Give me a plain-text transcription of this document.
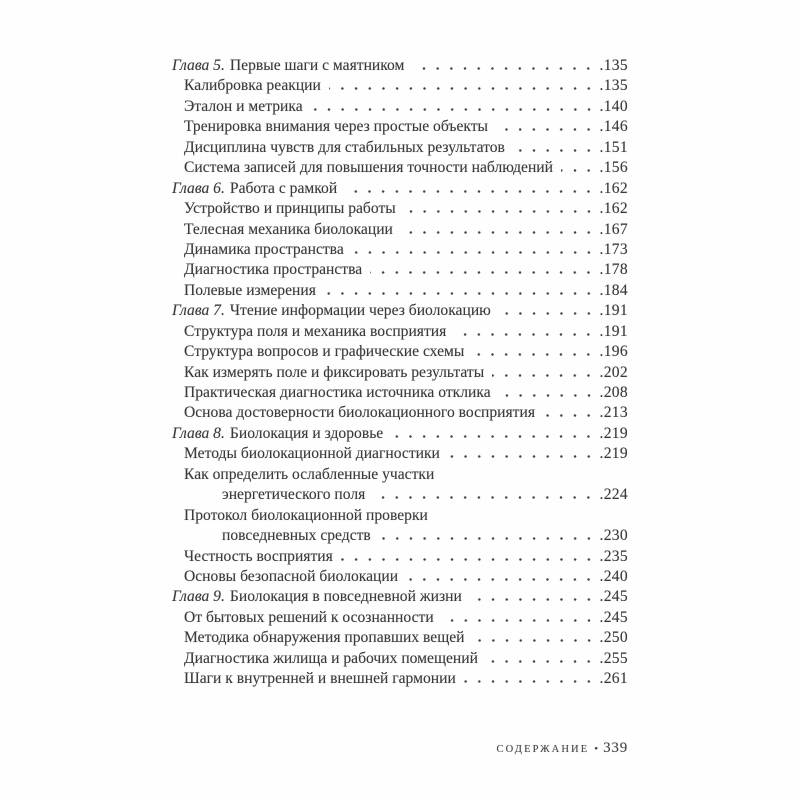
Глава 5. Первые шаги с маятником	.135
Калибровка реакции	.135
Эталон и метрика	.140
Тренировка внимания через простые объекты	.146
Дисциплина чувств для стабильных результатов	.151
Система записей для повышения точности наблюдений	.156
Глава 6. Работа с рамкой	.162
Устройство и принципы работы	.162
Телесная механика биолокации	.167
Динамика пространства	.173
Диагностика пространства	.178
Полевые измерения	.184
Глава 7. Чтение информации через биолокацию	.191
Структура поля и механика восприятия	.191
Структура вопросов и графические схемы	.196
Как измерять поле и фиксировать результаты	.202
Практическая диагностика источника отклика	.208
Основа достоверности биолокационного восприятия	.213
Глава 8. Биолокация и здоровье	.219
Методы биолокационной диагностики	.219
Как определить ослабленные участки
энергетического поля	.224
Протокол биолокационной проверки
повседневных средств	.230
Честность восприятия	.235
Основы безопасной биолокации	.240
Глава 9. Биолокация в повседневной жизни	.245
От бытовых решений к осознанности	.245
Методика обнаружения пропавших вещей	.250
Диагностика жилища и рабочих помещений	.255
Шаги к внутренней и внешней гармонии	.261
СОДЕРЖАНИЕ • 339
